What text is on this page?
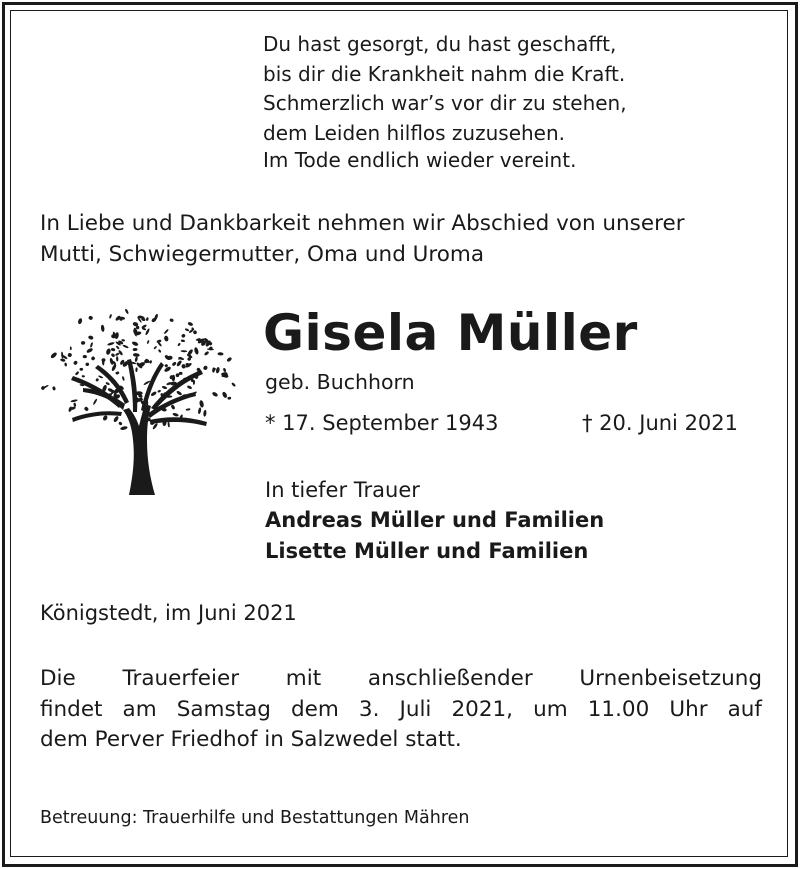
Du hast gesorgt, du hast geschafft,
bis dir die Krankheit nahm die Kraft.
Schmerzlich war’s vor dir zu stehen,
dem Leiden hilflos zuzusehen.
Im Tode endlich wieder vereint.
In Liebe und Dankbarkeit nehmen wir Abschied von unserer
Mutti, Schwiegermutter, Oma und Uroma
Gisela Müller
geb. Buchhorn
* 17. September 1943	† 20. Juni 2021
In tiefer Trauer
Andreas Müller und Familien
Lisette Müller und Familien
Königstedt, im Juni 2021
Die Trauerfeier mit anschließender Urnenbeisetzung
findet am Samstag dem 3. Juli 2021, um 11.00 Uhr auf
dem Perver Friedhof in Salzwedel statt.
Betreuung: Trauerhilfe und Bestattungen Mähren
